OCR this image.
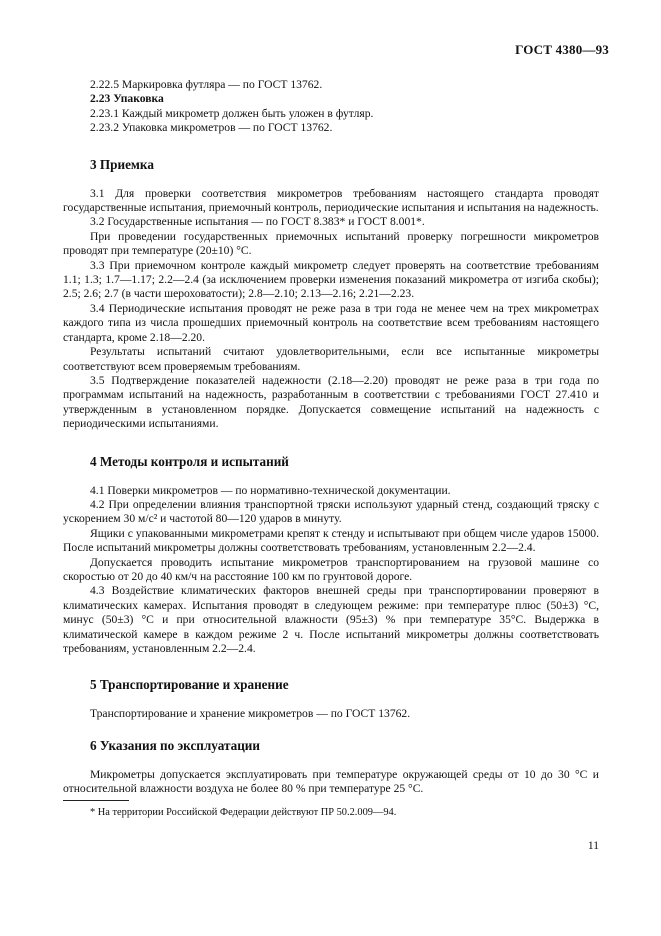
ГОСТ 4380—93

2.22.5 Маркировка футляра — по ГОСТ 13762.

2.23 Упаковка

2.23.1 Каждый микрометр должен быть уложен в футляр.

2.23.2 Упаковка микрометров — по ГОСТ 13762.

3 Приемка

3.1 Для проверки соответствия микрометров требованиям настоящего стандарта проводят государственные испытания, приемочный контроль, периодические испытания и испытания на надежность.

3.2 Государственные испытания — по ГОСТ 8.383* и ГОСТ 8.001*.

При проведении государственных приемочных испытаний проверку погрешности микрометров проводят при температуре (20±10) °С.

3.3 При приемочном контроле каждый микрометр следует проверять на соответствие требованиям 1.1; 1.3; 1.7—1.17; 2.2—2.4 (за исключением проверки изменения показаний микрометра от изгиба скобы); 2.5; 2.6; 2.7 (в части шероховатости); 2.8—2.10; 2.13—2.16; 2.21—2.23.

3.4 Периодические испытания проводят не реже раза в три года не менее чем на трех микрометрах каждого типа из числа прошедших приемочный контроль на соответствие всем требованиям настоящего стандарта, кроме 2.18—2.20.

Результаты испытаний считают удовлетворительными, если все испытанные микрометры соответствуют всем проверяемым требованиям.

3.5 Подтверждение показателей надежности (2.18—2.20) проводят не реже раза в три года по программам испытаний на надежность, разработанным в соответствии с требованиями ГОСТ 27.410 и утвержденным в установленном порядке. Допускается совмещение испытаний на надежность с периодическими испытаниями.

4 Методы контроля и испытаний

4.1 Поверки микрометров — по нормативно-технической документации.

4.2 При определении влияния транспортной тряски используют ударный стенд, создающий тряску с ускорением 30 м/с² и частотой 80—120 ударов в минуту.

Ящики с упакованными микрометрами крепят к стенду и испытывают при общем числе ударов 15000. После испытаний микрометры должны соответствовать требованиям, установленным 2.2—2.4.

Допускается проводить испытание микрометров транспортированием на грузовой машине со скоростью от 20 до 40 км/ч на расстояние 100 км по грунтовой дороге.

4.3 Воздействие климатических факторов внешней среды при транспортировании проверяют в климатических камерах. Испытания проводят в следующем режиме: при температуре плюс (50±3) °С, минус (50±3) °С и при относительной влажности (95±3) % при температуре 35°С. Выдержка в климатической камере в каждом режиме 2 ч. После испытаний микрометры должны соответствовать требованиям, установленным 2.2—2.4.

5 Транспортирование и хранение

Транспортирование и хранение микрометров — по ГОСТ 13762.

6 Указания по эксплуатации

Микрометры допускается эксплуатировать при температуре окружающей среды от 10 до 30 °С и относительной влажности воздуха не более 80 % при температуре 25 °С.

* На территории Российской Федерации действуют ПР 50.2.009—94.
11
